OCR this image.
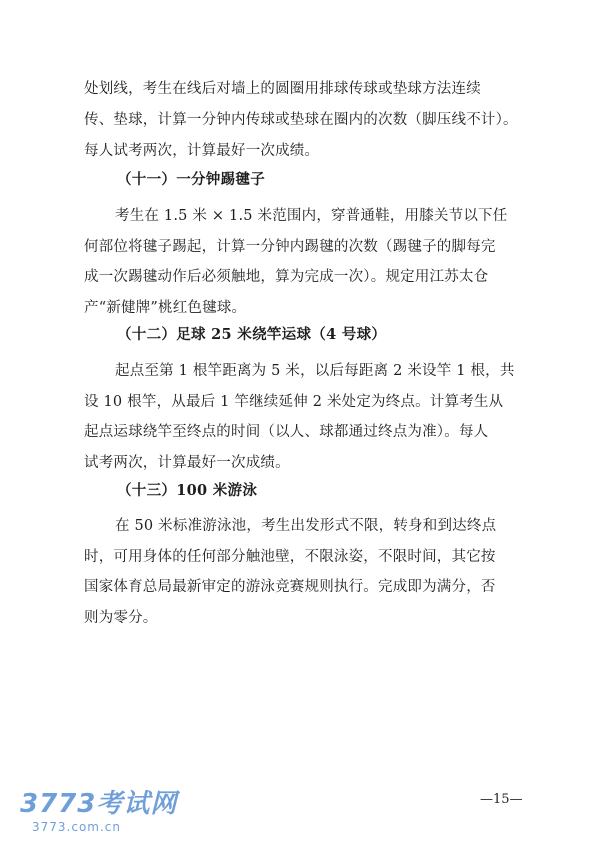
处划线，考生在线后对墙上的圆圈用排球传球或垫球方法连续
传、垫球，计算一分钟内传球或垫球在圈内的次数（脚压线不计）。
每人试考两次，计算最好一次成绩。
（十一）一分钟踢毽子
考生在 1.5 米 × 1.5 米范围内，穿普通鞋，用膝关节以下任
何部位将毽子踢起，计算一分钟内踢毽的次数（踢毽子的脚每完
成一次踢毽动作后必须触地，算为完成一次）。规定用江苏太仓
产“新健牌”桃红色毽球。
（十二）足球 25 米绕竿运球（4 号球）
起点至第 1 根竿距离为 5 米，以后每距离 2 米设竿 1 根，共
设 10 根竿，从最后 1 竿继续延伸 2 米处定为终点。计算考生从
起点运球绕竿至终点的时间（以人、球都通过终点为准）。每人
试考两次，计算最好一次成绩。
（十三）100 米游泳
在 50 米标准游泳池，考生出发形式不限，转身和到达终点
时，可用身体的任何部分触池壁，不限泳姿，不限时间，其它按
国家体育总局最新审定的游泳竞赛规则执行。完成即为满分，否
则为零分。
3773考试网
3773.com.cn
—15—
